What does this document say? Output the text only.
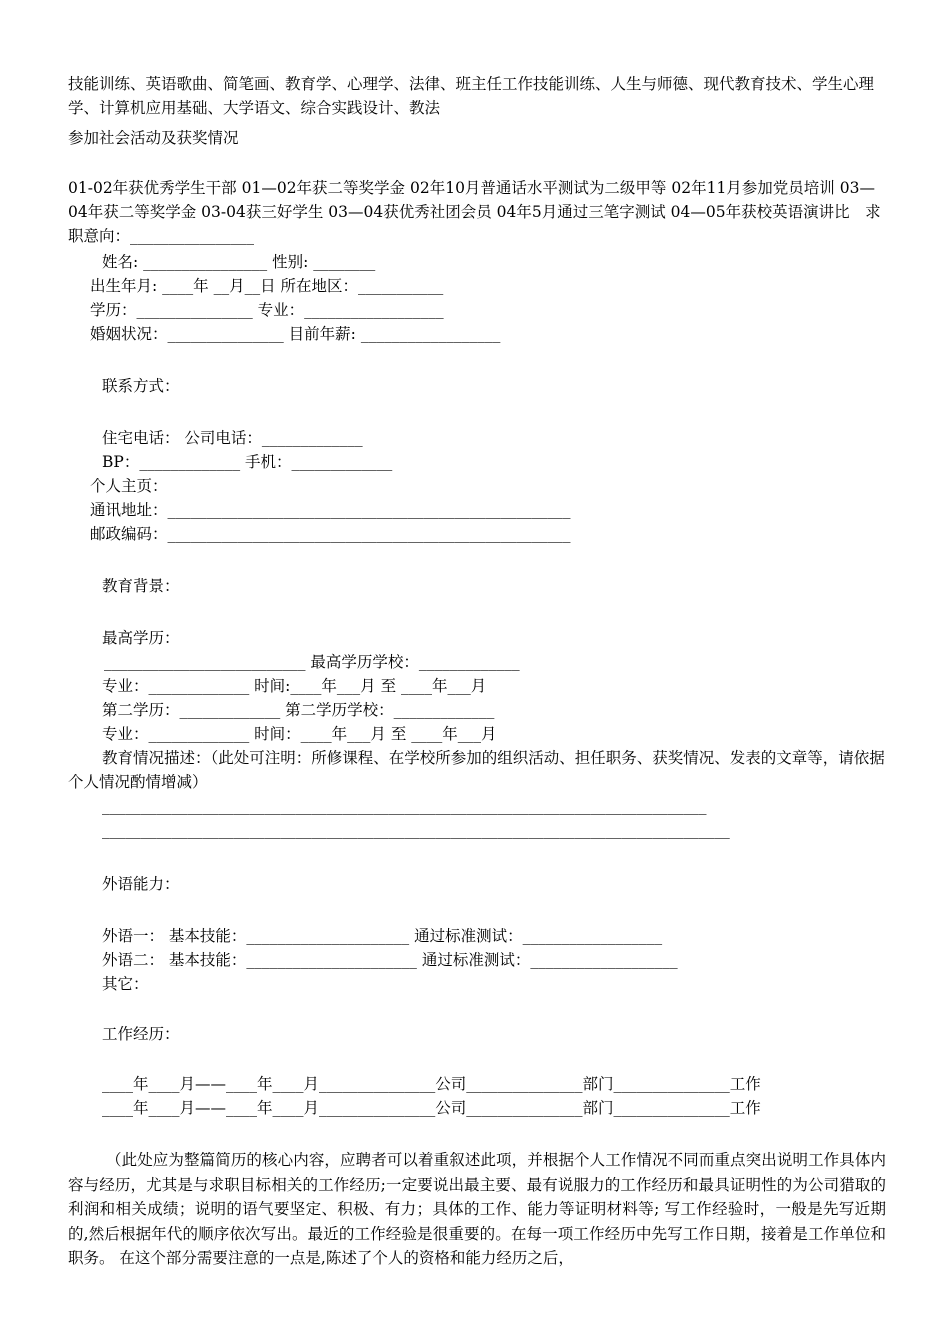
技能训练、英语歌曲、简笔画、教育学、心理学、法律、班主任工作技能训练、人生与师德、现代教育技术、学生心理学、计算机应用基础、大学语文、综合实践设计、教法
参加社会活动及获奖情况
01-02年获优秀学生干部 01—02年获二等奖学金 02年10月普通话水平测试为二级甲等 02年11月参加党员培训 03—04年获二等奖学金 03-04获三好学生 03—04获优秀社团会员 04年5月通过三笔字测试 04—05年获校英语演讲比　求职意向：________________
姓名: ________________ 性别: ________
出生年月: ____年 __月__日 所在地区：___________
学历：_______________ 专业：__________________
婚姻状况：_______________ 目前年薪: __________________
联系方式：
住宅电话： 公司电话：_____________
BP：_____________ 手机：_____________
个人主页：
通讯地址：____________________________________________________
邮政编码：____________________________________________________
教育背景：
最高学历：
__________________________ 最高学历学校：_____________
专业：_____________ 时间:____年___月 至 ____年___月
第二学历：_____________ 第二学历学校：_____________
专业：_____________ 时间：____年___月 至 ____年___月
教育情况描述：（此处可注明：所修课程、在学校所参加的组织活动、担任职务、获奖情况、发表的文章等，请依据个人情况酌情增减）
______________________________________________________________________________
_________________________________________________________________________________
外语能力：
外语一： 基本技能：_____________________ 通过标准测试：__________________
外语二： 基本技能：______________________ 通过标准测试：___________________
其它：
工作经历：
____年____月——____年____月_______________公司_______________部门_______________工作
____年____月——____年____月_______________公司_______________部门_______________工作
（此处应为整篇简历的核心内容，应聘者可以着重叙述此项，并根据个人工作情况不同而重点突出说明工作具体内容与经历，尤其是与求职目标相关的工作经历;一定要说出最主要、最有说服力的工作经历和最具证明性的为公司猎取的利润和相关成绩；说明的语气要坚定、积极、有力；具体的工作、能力等证明材料等; 写工作经验时，一般是先写近期的,然后根据年代的顺序依次写出。最近的工作经验是很重要的。在每一项工作经历中先写工作日期，接着是工作单位和职务。 在这个部分需要注意的一点是,陈述了个人的资格和能力经历之后，
